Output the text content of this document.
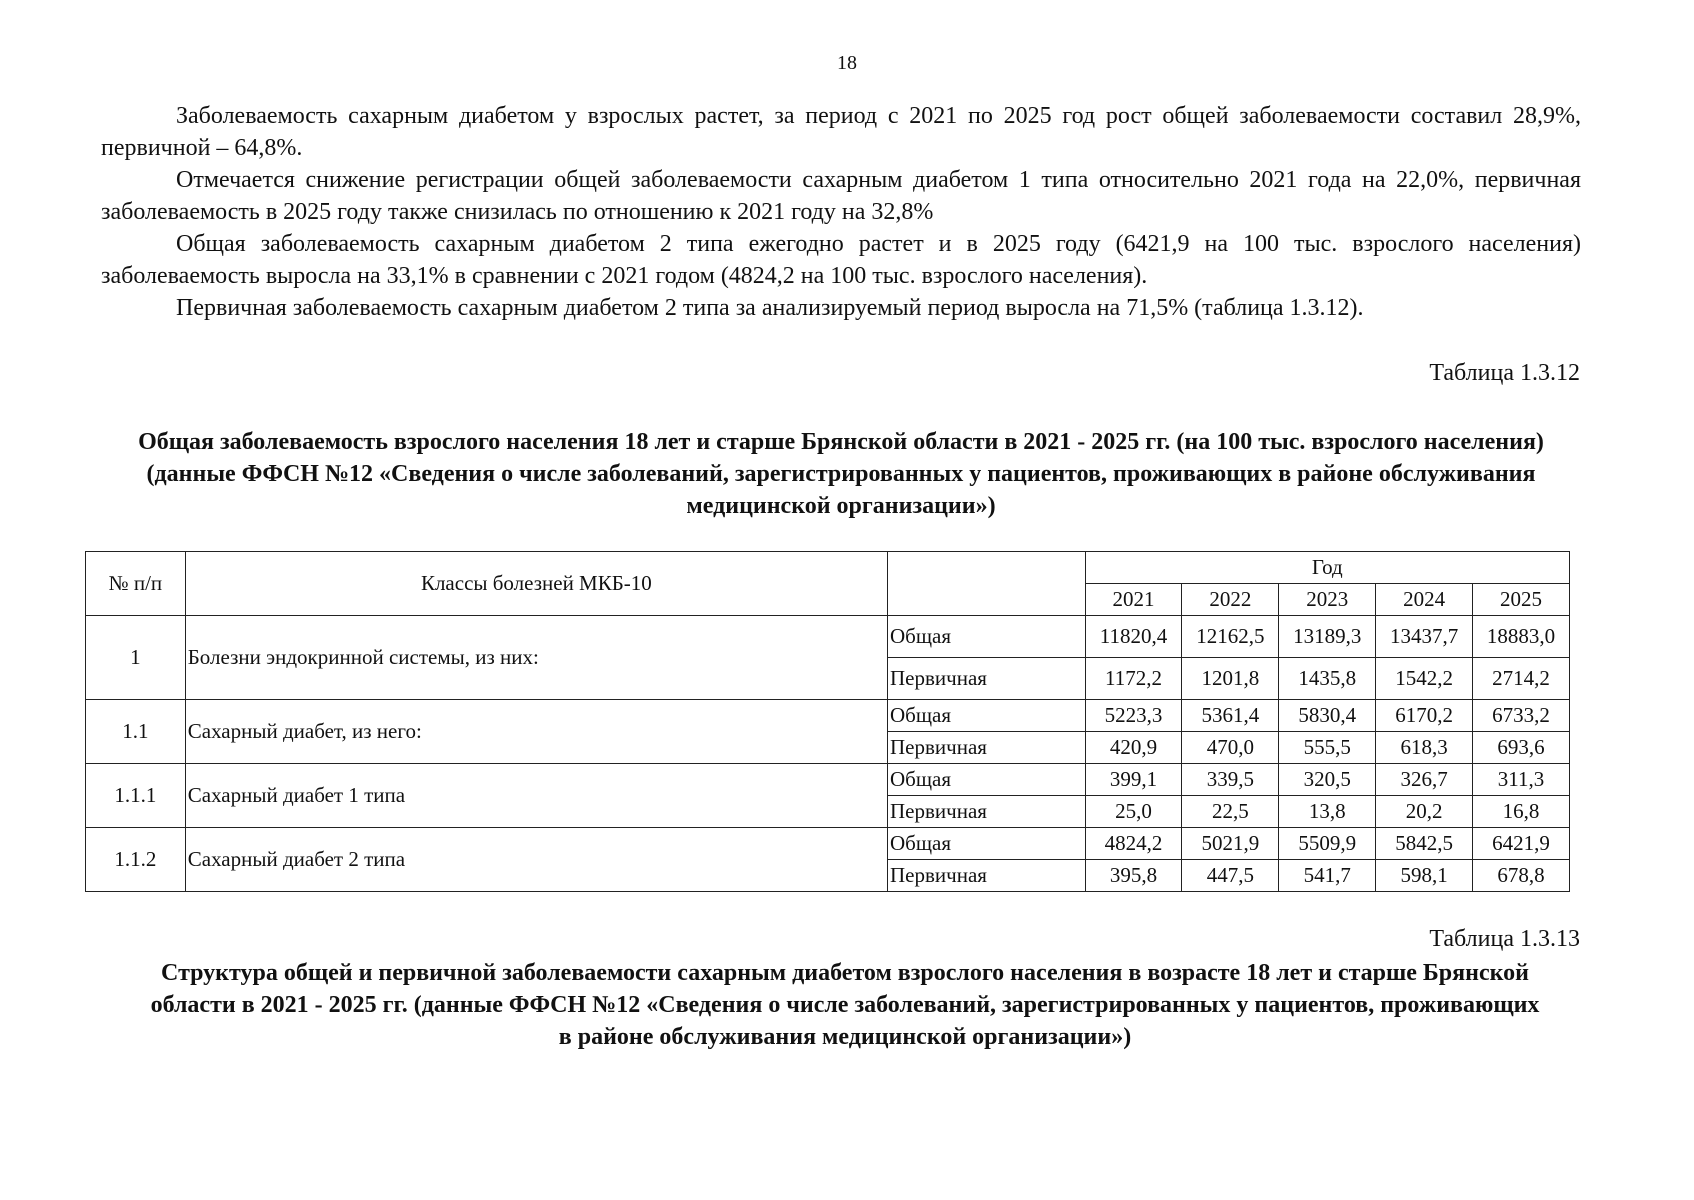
18

Заболеваемость сахарным диабетом у взрослых растет, за период с 2021 по 2025 год рост общей заболеваемости составил 28,9%, первичной – 64,8%.

Отмечается снижение регистрации общей заболеваемости сахарным диабетом 1 типа относительно 2021 года на 22,0%, первичная заболеваемость в 2025 году также снизилась по отношению к 2021 году на 32,8%

Общая заболеваемость сахарным диабетом 2 типа ежегодно растет и в 2025 году (6421,9 на 100 тыс. взрослого населения) заболеваемость выросла на 33,1% в сравнении с 2021 годом (4824,2 на 100 тыс. взрослого населения).

Первичная заболеваемость сахарным диабетом 2 типа за анализируемый период выросла на 71,5% (таблица 1.3.12).

Таблица 1.3.12
Общая заболеваемость взрослого населения 18 лет и старше Брянской области в 2021 - 2025 гг. (на 100 тыс. взрослого населения) (данные ФФСН №12 «Сведения о числе заболеваний, зарегистрированных у пациентов, проживающих в районе обслуживания медицинской организации»)
№ п/п	Классы болезней МКБ-10		Год				
			2021	2022	2023	2024	2025
1	Болезни эндокринной системы, из них:	Общая	11820,4	12162,5	13189,3	13437,7	18883,0
		Первичная	1172,2	1201,8	1435,8	1542,2	2714,2
1.1	Сахарный диабет, из него:	Общая	5223,3	5361,4	5830,4	6170,2	6733,2
		Первичная	420,9	470,0	555,5	618,3	693,6
1.1.1	Сахарный диабет 1 типа	Общая	399,1	339,5	320,5	326,7	311,3
		Первичная	25,0	22,5	13,8	20,2	16,8
1.1.2	Сахарный диабет 2 типа	Общая	4824,2	5021,9	5509,9	5842,5	6421,9
		Первичная	395,8	447,5	541,7	598,1	678,8
Таблица 1.3.13
Структура общей и первичной заболеваемости сахарным диабетом взрослого населения в возрасте 18 лет и старше Брянской области в 2021 - 2025 гг. (данные ФФСН №12 «Сведения о числе заболеваний, зарегистрированных у пациентов, проживающих в районе обслуживания медицинской организации»)
